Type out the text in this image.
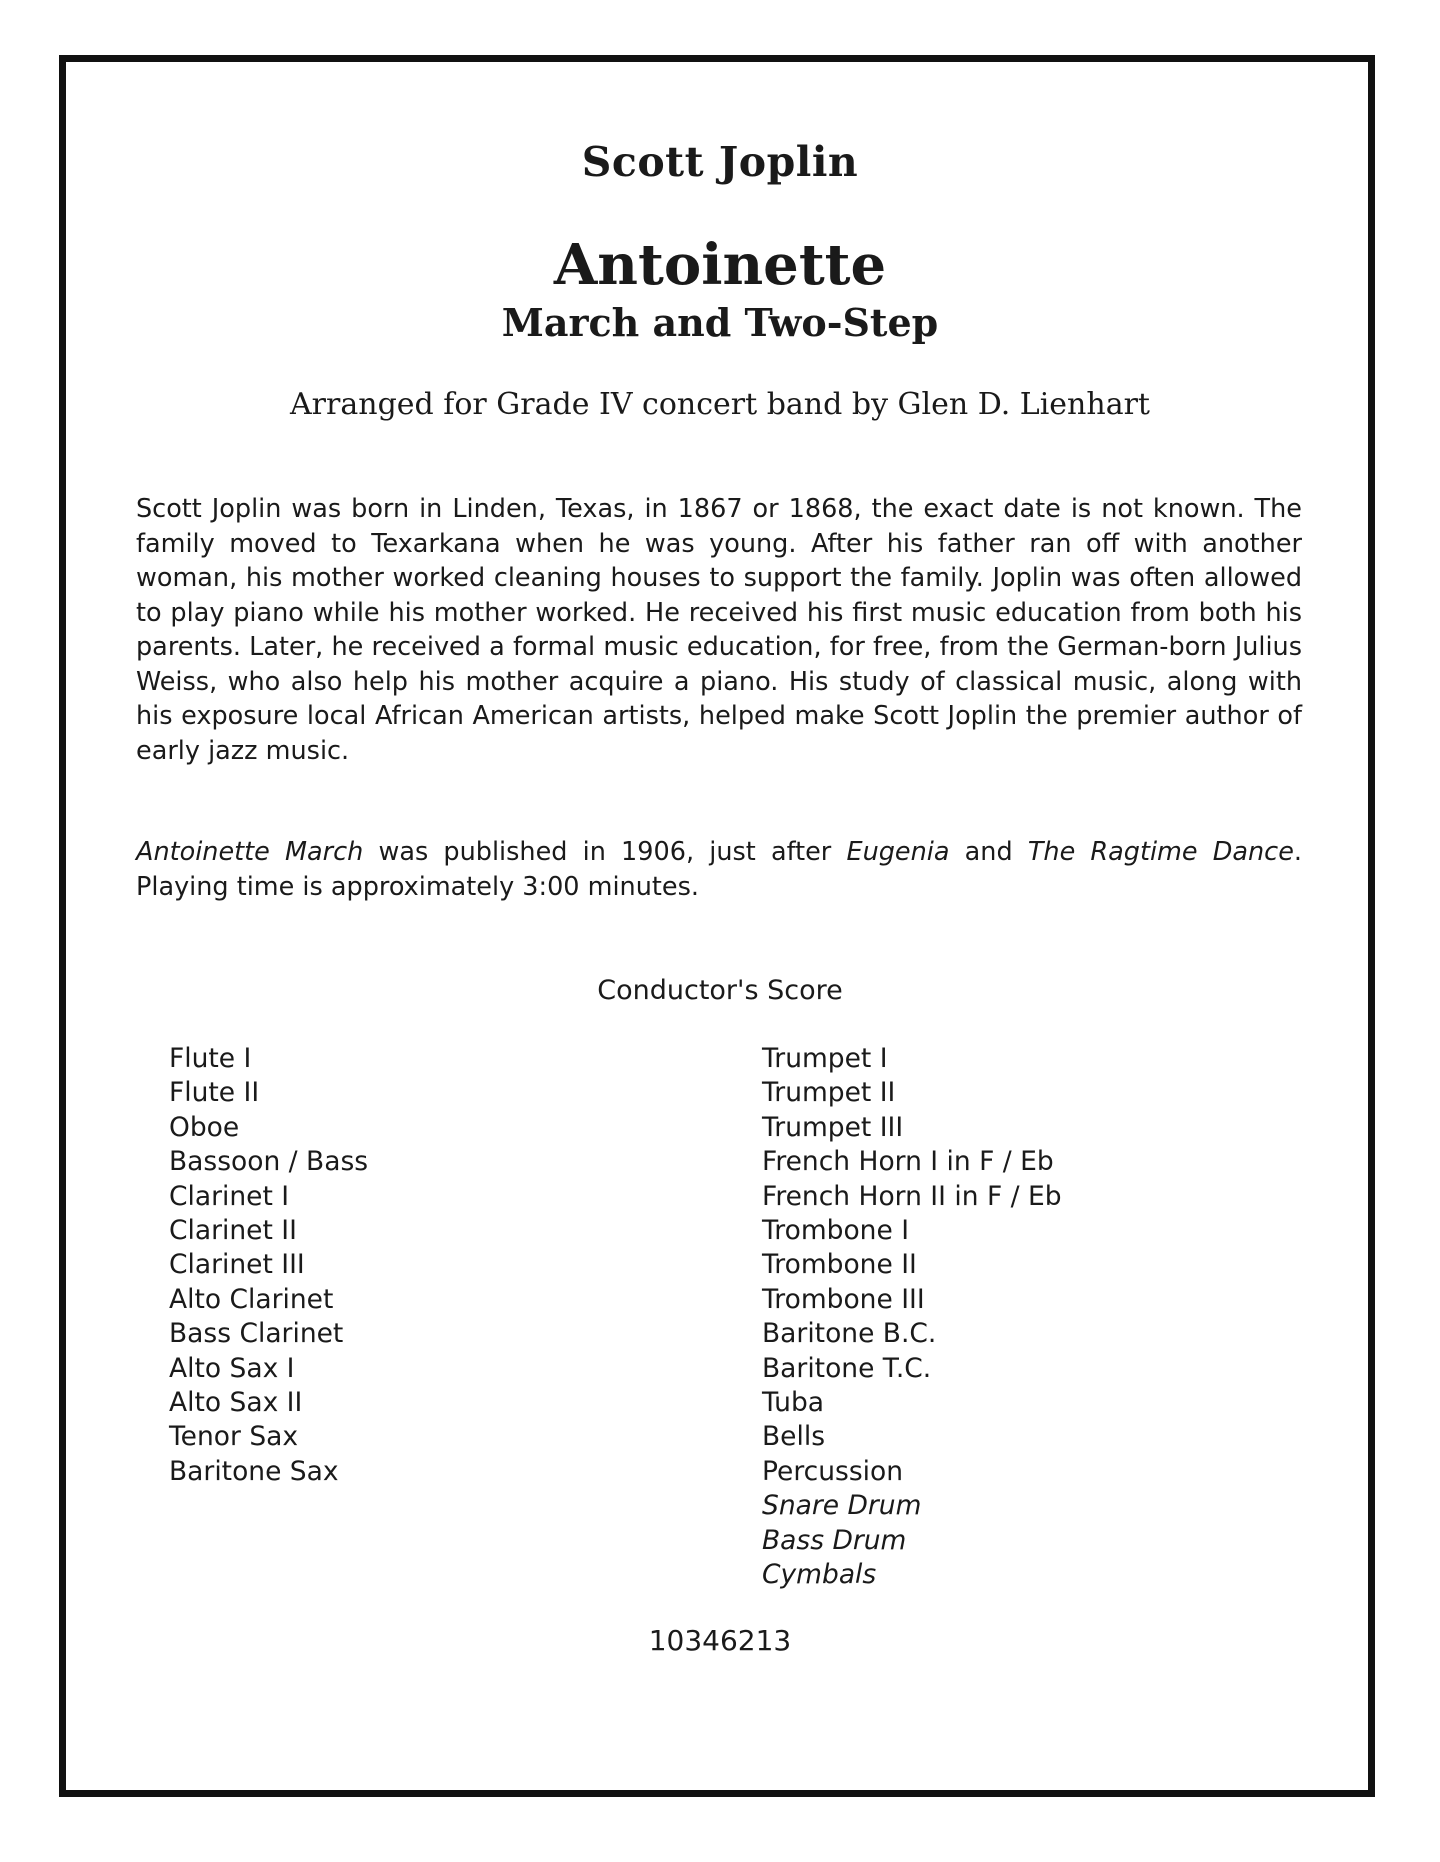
Scott Joplin
Antoinette
March and Two-Step
Arranged for Grade IV concert band by Glen D. Lienhart

Scott Joplin was born in Linden, Texas, in 1867 or 1868, the exact date is not known. The family moved to Texarkana when he was young. After his father ran off with another woman, his mother worked cleaning houses to support the family. Joplin was often allowed to play piano while his mother worked. He received his first music education from both his parents. Later, he received a formal music education, for free, from the German-born Julius Weiss, who also help his mother acquire a piano. His study of classical music, along with his exposure local African American artists, helped make Scott Joplin the premier author of early jazz music.

Antoinette March was published in 1906, just after Eugenia and The Ragtime Dance. Playing time is approximately 3:00 minutes.

Conductor's Score
Flute I
Flute II
Oboe
Bassoon / Bass
Clarinet I
Clarinet II
Clarinet III
Alto Clarinet
Bass Clarinet
Alto Sax I
Alto Sax II
Tenor Sax
Baritone Sax
Trumpet I
Trumpet II
Trumpet III
French Horn I in F / Eb
French Horn II in F / Eb
Trombone I
Trombone II
Trombone III
Baritone B.C.
Baritone T.C.
Tuba
Bells
Percussion
Snare Drum
Bass Drum
Cymbals
10346213
